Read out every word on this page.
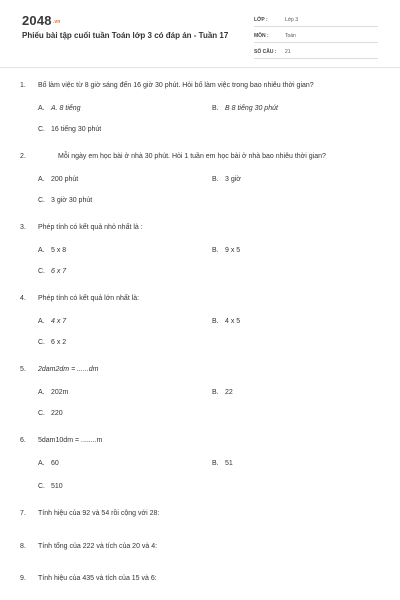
2048.vn
Phiếu bài tập cuối tuần Toán lớp 3 có đáp án - Tuần 17
LỚP :	Lớp 3
MÔN :	Toán
SỐ CÂU :	21
1. Bố làm việc từ 8 giờ sáng đến 16 giờ 30 phút. Hỏi bố làm việc trong bao nhiêu thời gian?
A. A. 8 tiếng	B. B 8 tiếng 30 phút
C. 16 tiếng 30 phút
2.	Mỗi ngày em học bài ở nhà 30 phút. Hỏi 1 tuần em học bài ở nhà bao nhiêu thời gian?
A. 200 phút	B. 3 giờ
C. 3 giờ 30 phút
3. Phép tính có kết quả nhỏ nhất là :
A. 5 x 8	B. 9 x 5
C. 6 x 7
4. Phép tính có kết quả lớn nhất là:
A. 4 x 7	B. 4 x 5
C. 6 x 2
5. 2dam2dm = ......dm
A. 202m	B. 22
C. 220
6. 5dam10dm = ........m
A. 60	B. 51
C. 510
7. Tính hiệu của 92 và 54 rồi cộng với 28:
8. Tính tổng của 222 và tích của 20 và 4:
9. Tính hiệu của 435 và tích của 15 và 6:
